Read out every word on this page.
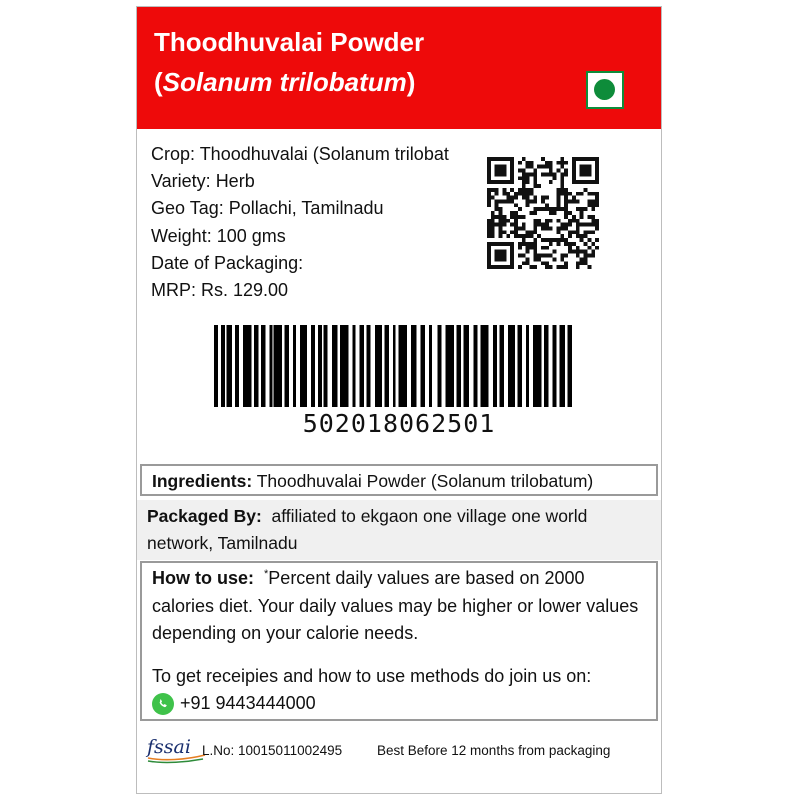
Thoodhuvalai Powder
(Solanum trilobatum)
Crop: Thoodhuvalai (Solanum trilobat
Variety: Herb
Geo Tag: Pollachi, Tamilnadu
Weight: 100 gms
Date of Packaging:
MRP: Rs. 129.00
502018062501
Ingredients: Thoodhuvalai Powder (Solanum trilobatum)
Packaged By:  affiliated to ekgaon one village one world network, Tamilnadu

How to use: *Percent daily values are based on 2000 calories diet. Your daily values may be higher or lower values depending on your calorie needs.

To get receipies and how to use methods do join us on:

+91 9443444000

fssai L.No: 10015011002495	Best Before 12 months from packaging
